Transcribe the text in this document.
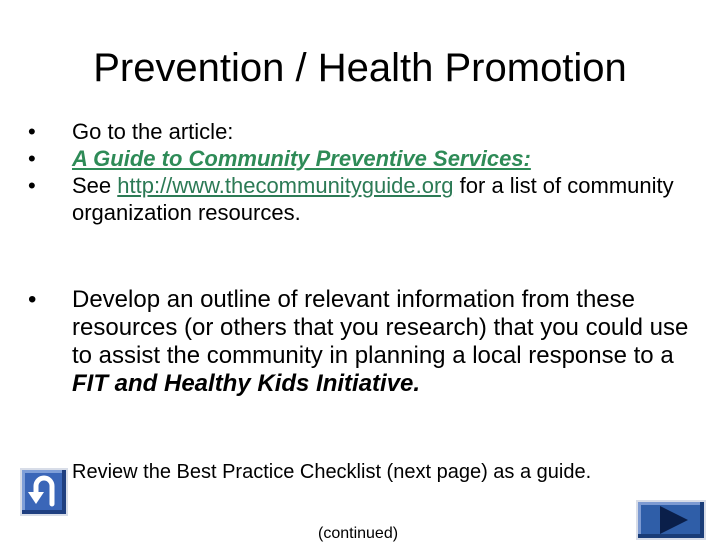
Prevention / Health Promotion
• Go to the article:
• A Guide to Community Preventive Services:
• See http://www.thecommunityguide.org for a list of community organization resources.
• Develop an outline of relevant information from these resources (or others that you research) that you could use to assist the community in planning a local response to a FIT and Healthy Kids Initiative.
Review the Best Practice Checklist (next page) as a guide.
(continued)
